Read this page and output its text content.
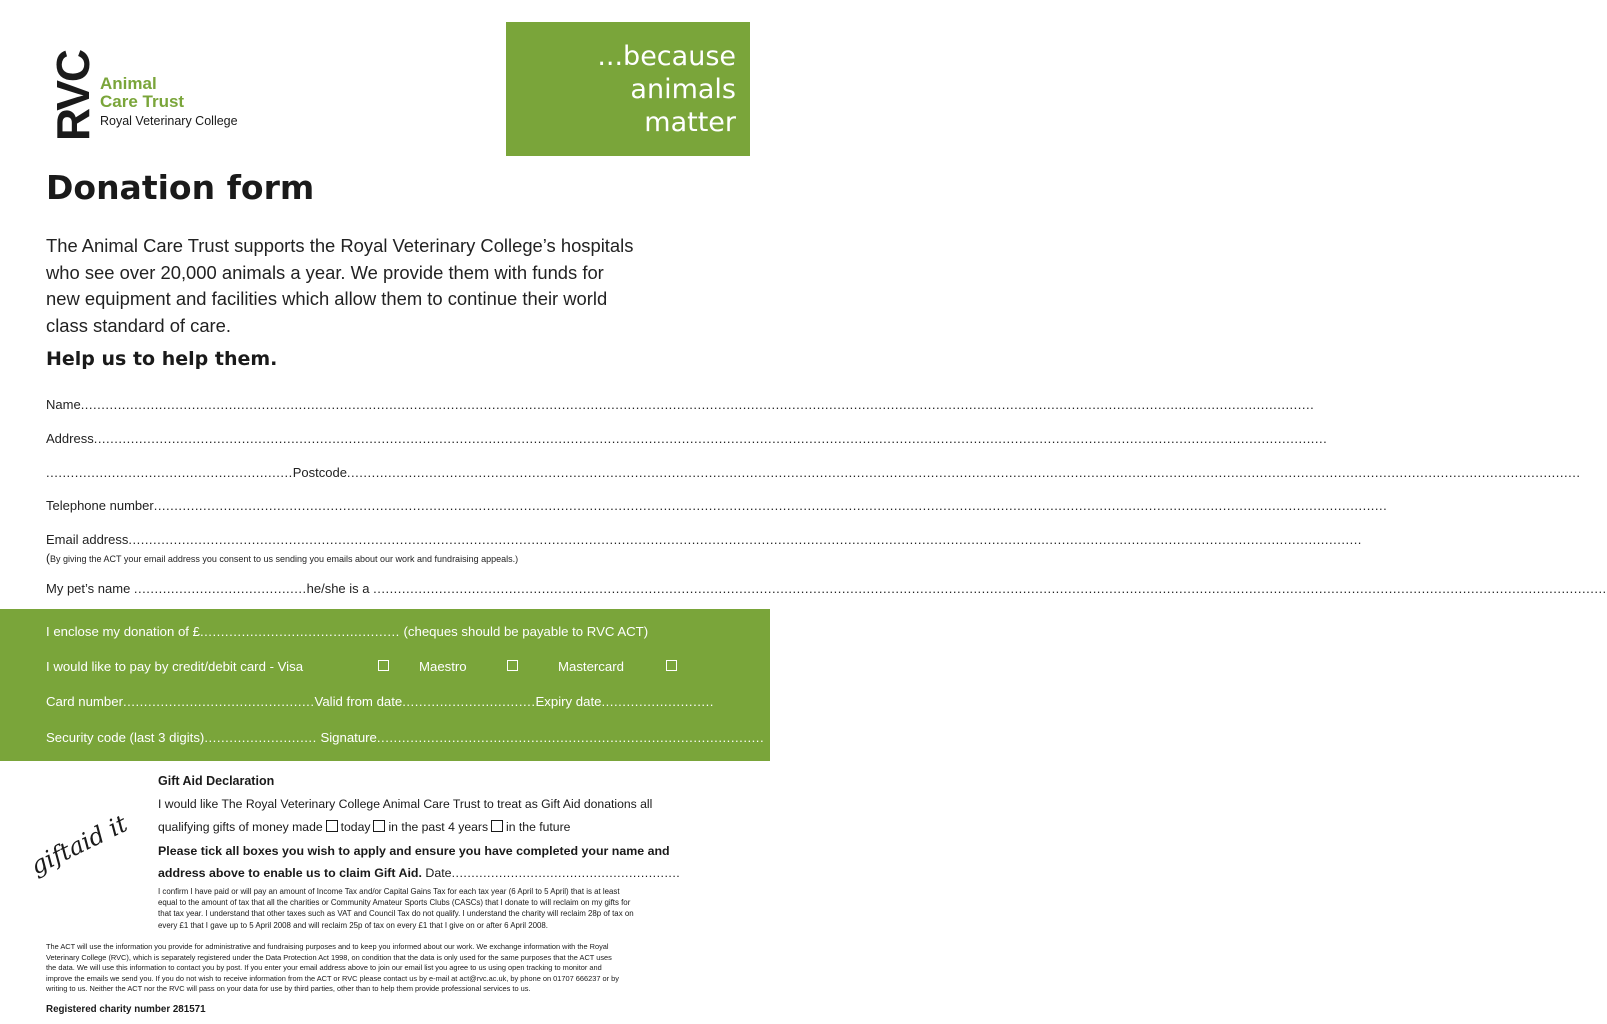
RVC Animal
Care Trust
Royal Veterinary College
...because
animals
matter
Donation form
The Animal Care Trust supports the Royal Veterinary College’s hospitals
who see over 20,000 animals a year. We provide them with funds for
new equipment and facilities which allow them to continue their world
class standard of care.
Help us to help them.
Name............................................................................................................................................................................................................................................................................................................
Address............................................................................................................................................................................................................................................................................................................
............................................................Postcode............................................................................................................................................................................................................................................................................................................
Telephone number............................................................................................................................................................................................................................................................................................................
Email address............................................................................................................................................................................................................................................................................................................
(By giving the ACT your email address you consent to us sending you emails about our work and fundraising appeals.)
My pet’s name ..........................................he/she is a ............................................................................................................................................................................................................................................................................................................
I enclose my donation of £................................................ (cheques should be payable to RVC ACT)
I would like to pay by credit/debit card - Visa	Maestro	Mastercard
Card number..............................................Valid from date................................Expiry date...........................
Security code (last 3 digits)........................... Signature.............................................................................................
giftaid it
Gift Aid Declaration
I would like The Royal Veterinary College Animal Care Trust to treat as Gift Aid donations all
qualifying gifts of money made today in the past 4 years in the future
Please tick all boxes you wish to apply and ensure you have completed your name and
address above to enable us to claim Gift Aid. Date..........................................................
I confirm I have paid or will pay an amount of Income Tax and/or Capital Gains Tax for each tax year (6 April to 5 April) that is at least
equal to the amount of tax that all the charities or Community Amateur Sports Clubs (CASCs) that I donate to will reclaim on my gifts for
that tax year. I understand that other taxes such as VAT and Council Tax do not qualify. I understand the charity will reclaim 28p of tax on
every £1 that I gave up to 5 April 2008 and will reclaim 25p of tax on every £1 that I give on or after 6 April 2008.
The ACT will use the information you provide for administrative and fundraising purposes and to keep you informed about our work. We exchange information with the Royal
Veterinary College (RVC), which is separately registered under the Data Protection Act 1998, on condition that the data is only used for the same purposes that the ACT uses
the data. We will use this information to contact you by post. If you enter your email address above to join our email list you agree to us using open tracking to monitor and
improve the emails we send you. If you do not wish to receive information from the ACT or RVC please contact us by e-mail at act@rvc.ac.uk, by phone on 01707 666237 or by
writing to us. Neither the ACT nor the RVC will pass on your data for use by third parties, other than to help them provide professional services to us.
Registered charity number 281571
